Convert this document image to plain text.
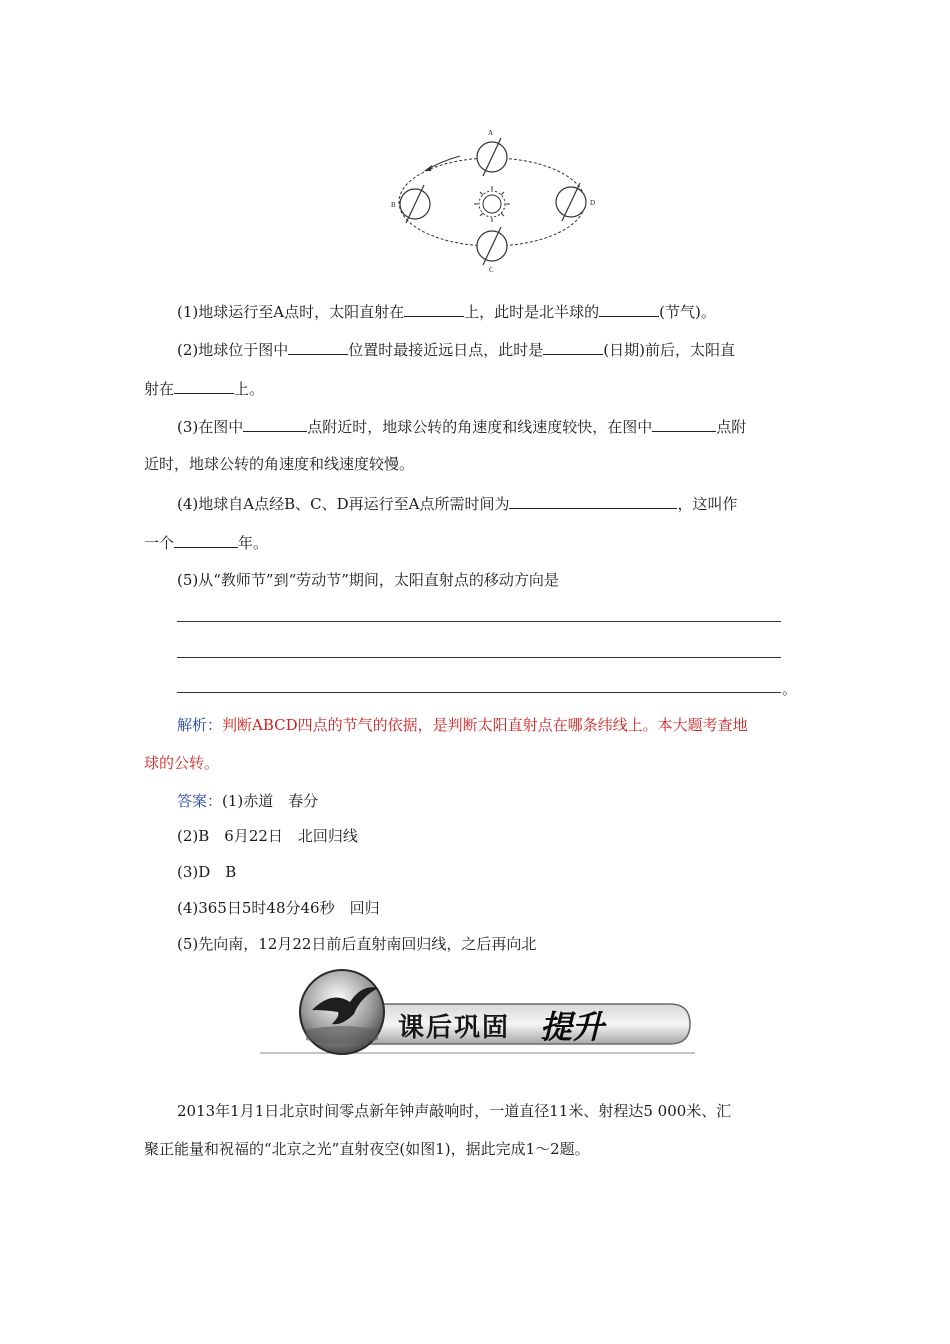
A
B
C
D
(1)地球运行至A点时，太阳直射在	上，此时是北半球的	(节气)。
(2)地球位于图中	位置时最接近远日点，此时是	(日期)前后，太阳直
射在	上。
(3)在图中	点附近时，地球公转的角速度和线速度较快，在图中	点附
近时，地球公转的角速度和线速度较慢。
(4)地球自A点经B、C、D再运行至A点所需时间为	，这叫作
一个	年。
(5)从“教师节”到“劳动节”期间，太阳直射点的移动方向是
。
解析：判断ABCD四点的节气的依据，是判断太阳直射点在哪条纬线上。本大题考查地
球的公转。
答案：(1)赤道　春分
(2)B　6月22日　北回归线
(3)D　B
(4)365日5时48分46秒　回归
(5)先向南，12月22日前后直射南回归线，之后再向北
课后巩固 提升
2013年1月1日北京时间零点新年钟声敲响时，一道直径11米、射程达5 000米、汇
聚正能量和祝福的“北京之光”直射夜空(如图1)，据此完成1～2题。
